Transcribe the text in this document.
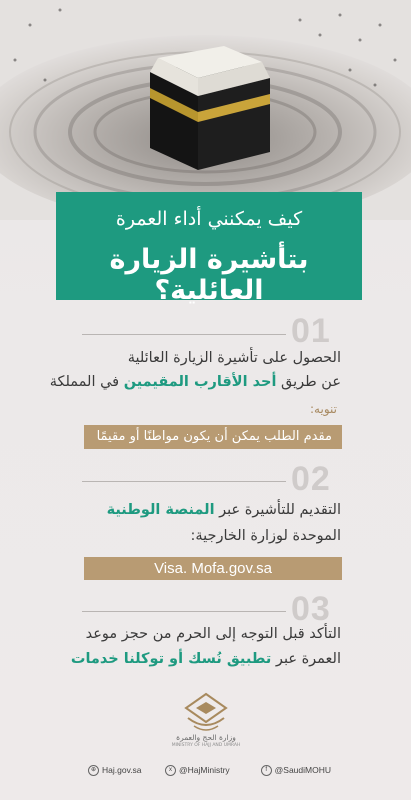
كيف يمكنني أداء العمرة
بتأشيرة الزيارة العائلية؟
01
الحصول على تأشيرة الزيارة العائلية
عن طريق أحد الأقارب المقيمين في المملكة
تنويه:
مقدم الطلب يمكن أن يكون مواطنًا أو مقيمًا
02
التقديم للتأشيرة عبر المنصة الوطنية
الموحدة لوزارة الخارجية:
Visa. Mofa.gov.sa
03
التأكد قبل التوجه إلى الحرم من حجز موعد
العمرة عبر تطبيق نُسك أو توكلنا خدمات
وزارة الحج والعمرة
MINISTRY OF HAJJ AND UMRAH
f @SaudiMOHU
x @HajMinistry
⊕ Haj.gov.sa
